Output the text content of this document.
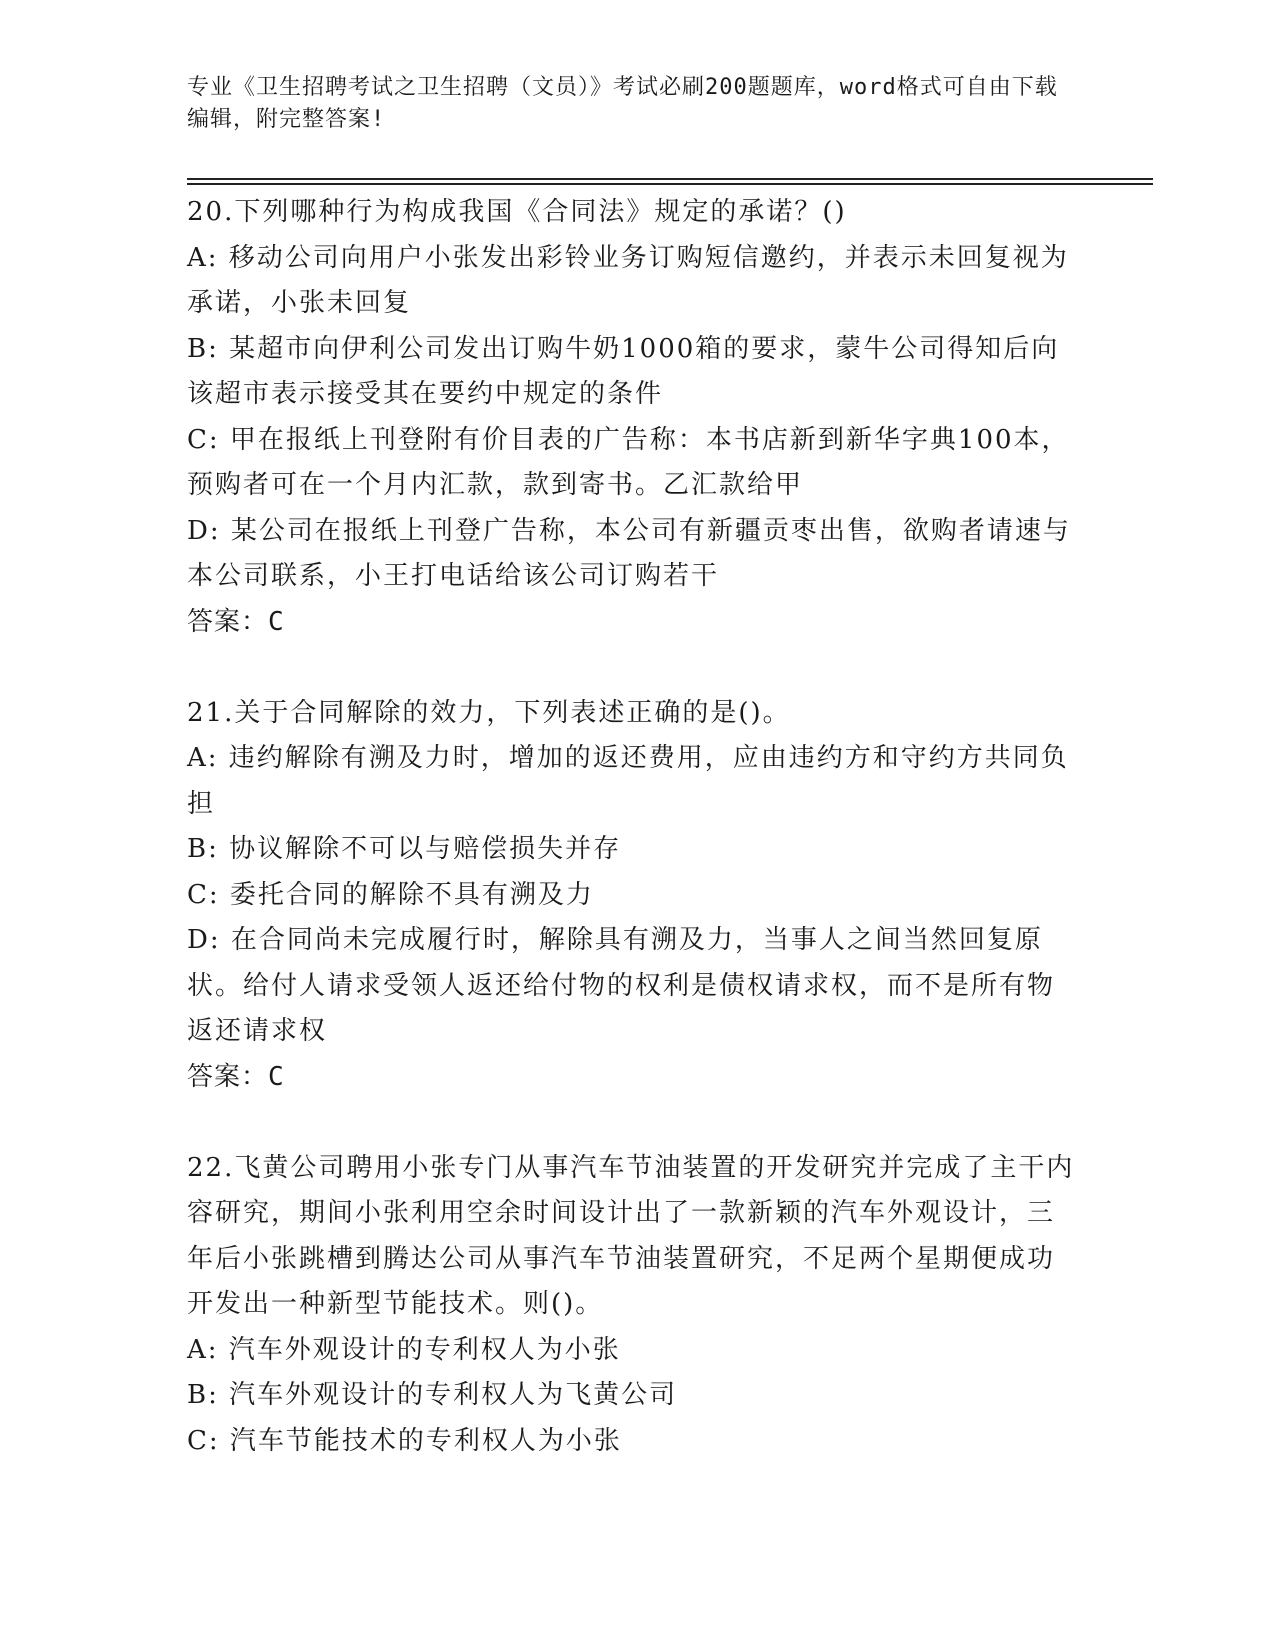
专业《卫生招聘考试之卫生招聘（文员）》考试必刷200题题库，word格式可自由下载编辑，附完整答案!

20.下列哪种行为构成我国《合同法》规定的承诺？()

A: 移动公司向用户小张发出彩铃业务订购短信邀约，并表示未回复视为承诺，小张未回复

B: 某超市向伊利公司发出订购牛奶1000箱的要求，蒙牛公司得知后向该超市表示接受其在要约中规定的条件

C: 甲在报纸上刊登附有价目表的广告称：本书店新到新华字典100本，预购者可在一个月内汇款，款到寄书。乙汇款给甲

D: 某公司在报纸上刊登广告称，本公司有新疆贡枣出售，欲购者请速与本公司联系，小王打电话给该公司订购若干

答案：C

21.关于合同解除的效力，下列表述正确的是()。

A: 违约解除有溯及力时，增加的返还费用，应由违约方和守约方共同负担

B: 协议解除不可以与赔偿损失并存

C: 委托合同的解除不具有溯及力

D: 在合同尚未完成履行时，解除具有溯及力，当事人之间当然回复原状。给付人请求受领人返还给付物的权利是债权请求权，而不是所有物返还请求权

答案：C

22.飞黄公司聘用小张专门从事汽车节油装置的开发研究并完成了主干内容研究，期间小张利用空余时间设计出了一款新颖的汽车外观设计，三年后小张跳槽到腾达公司从事汽车节油装置研究，不足两个星期便成功开发出一种新型节能技术。则()。

A: 汽车外观设计的专利权人为小张

B: 汽车外观设计的专利权人为飞黄公司

C: 汽车节能技术的专利权人为小张
